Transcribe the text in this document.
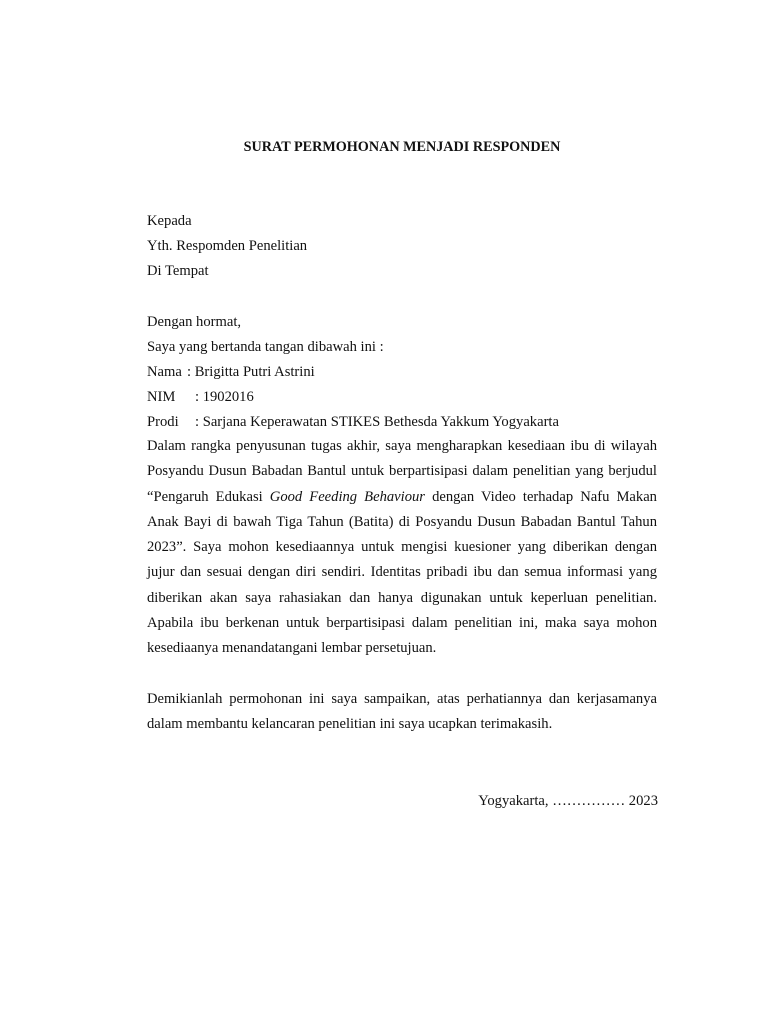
SURAT PERMOHONAN MENJADI RESPONDEN
Kepada
Yth. Respomden Penelitian
Di Tempat
Dengan hormat,
Saya yang bertanda tangan dibawah ini :
Nama : Brigitta Putri Astrini
NIM : 1902016
Prodi : Sarjana Keperawatan STIKES Bethesda Yakkum Yogyakarta

Dalam rangka penyusunan tugas akhir, saya mengharapkan kesediaan ibu di wilayah Posyandu Dusun Babadan Bantul untuk berpartisipasi dalam penelitian yang berjudul “Pengaruh Edukasi Good Feeding Behaviour dengan Video terhadap Nafu Makan Anak Bayi di bawah Tiga Tahun (Batita) di Posyandu Dusun Babadan Bantul Tahun 2023”. Saya mohon kesediaannya untuk mengisi kuesioner yang diberikan dengan jujur dan sesuai dengan diri sendiri. Identitas pribadi ibu dan semua informasi yang diberikan akan saya rahasiakan dan hanya digunakan untuk keperluan penelitian. Apabila ibu berkenan untuk berpartisipasi dalam penelitian ini, maka saya mohon kesediaanya menandatangani lembar persetujuan.

Demikianlah permohonan ini saya sampaikan, atas perhatiannya dan kerjasamanya dalam membantu kelancaran penelitian ini saya ucapkan terimakasih.

Yogyakarta, …………… 2023
